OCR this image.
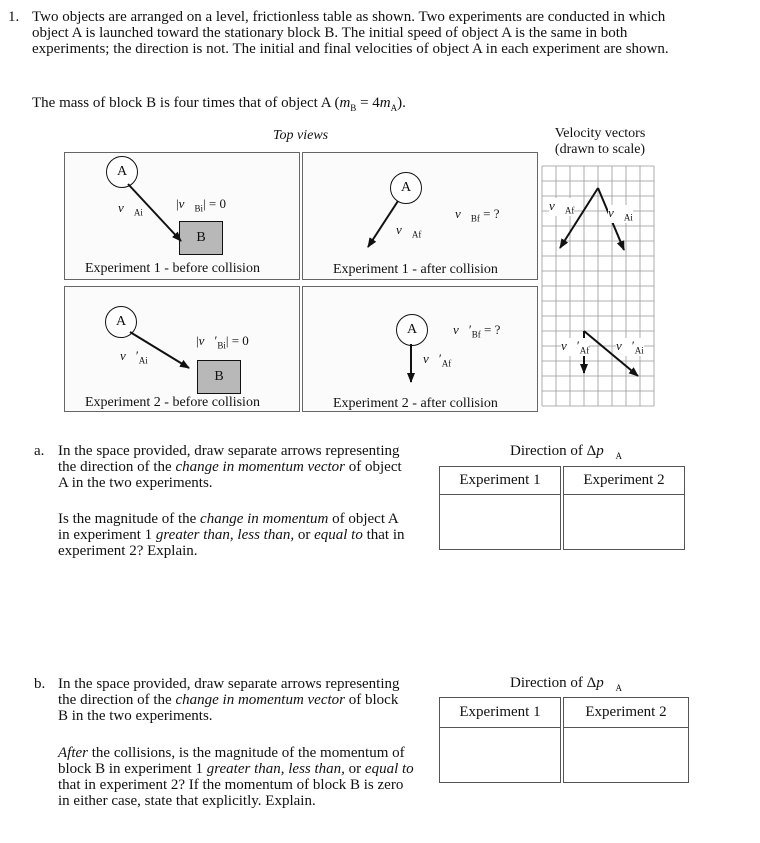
1. Two objects are arranged on a level, frictionless table as shown. Two experiments are conducted in which object A is launched toward the stationary block B. The initial speed of object A is the same in both experiments; the direction is not. The initial and final velocities of object A in each experiment are shown.
The mass of block B is four times that of object A $(m_B = 4m_A)$.
Top views	Velocity vectors
(drawn to scale)
A
B
$v⃗_{Ai}$
$|v⃗_{Bi}| = 0$
Experiment 1 - before collision
A
$v⃗_{Af}$
$v⃗_{Bf}$ = ?
Experiment 1 - after collision
A
B
$v⃗'_{Ai}$
$|v⃗'_{Bi}| = 0$
Experiment 2 - before collision
A
$v⃗'_{Af}$
$v⃗'_{Bf}$ = ?
Experiment 2 - after collision
$v⃗_{Af}$	$v⃗_{Ai}$
$v⃗'_{Af}$ $v⃗'_{Ai}$
a. In the space provided, draw separate arrows representing the direction of the change in momentum vector of object A in the two experiments.
Is the magnitude of the change in momentum of object A in experiment 1 greater than, less than, or equal to that in experiment 2? Explain.
Direction of $\Delta p⃗_A$
Experiment 1	Experiment 2
b. In the space provided, draw separate arrows representing the direction of the change in momentum vector of block B in the two experiments.
After the collisions, is the magnitude of the momentum of block B in experiment 1 greater than, less than, or equal to that in experiment 2? If the momentum of block B is zero in either case, state that explicitly. Explain.
Direction of $\Delta p⃗_A$
Experiment 1	Experiment 2
